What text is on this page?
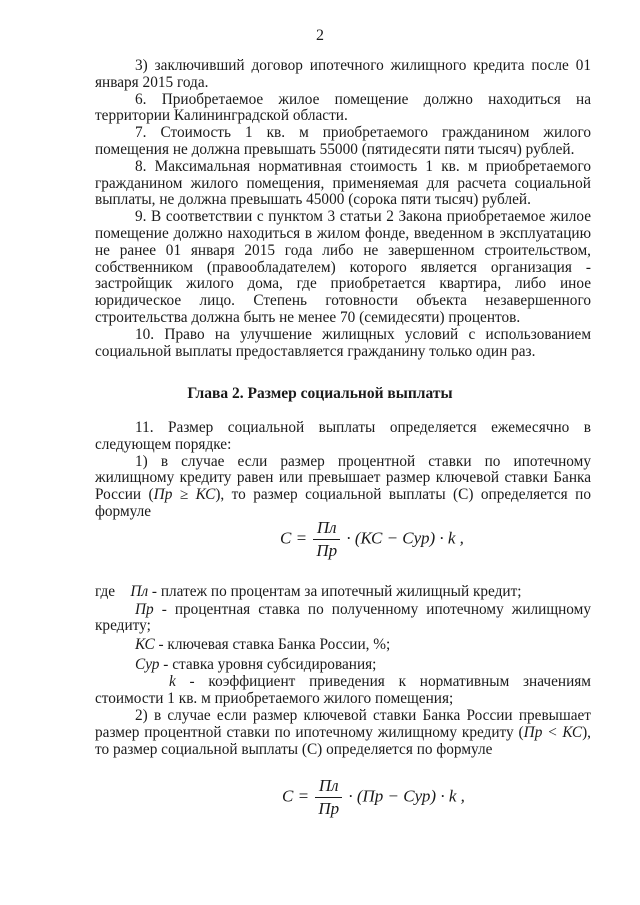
2

3) заключивший договор ипотечного жилищного кредита после 01 января 2015 года.

6. Приобретаемое жилое помещение должно находиться на территории Калининградской области.

7. Стоимость 1 кв. м приобретаемого гражданином жилого помещения не должна превышать 55000 (пятидесяти пяти тысяч) рублей.

8. Максимальная нормативная стоимость 1 кв. м приобретаемого гражданином жилого помещения, применяемая для расчета социальной выплаты, не должна превышать 45000 (сорока пяти тысяч) рублей.

9. В соответствии с пунктом 3 статьи 2 Закона приобретаемое жилое помещение должно находиться в жилом фонде, введенном в эксплуатацию не ранее 01 января 2015 года либо не завершенном строительством, собственником (правообладателем) которого является организация - застройщик жилого дома, где приобретается квартира, либо иное юридическое лицо. Степень готовности объекта незавершенного строительства должна быть не менее 70 (семидесяти) процентов.

10. Право на улучшение жилищных условий с использованием социальной выплаты предоставляется гражданину только один раз.

Глава 2. Размер социальной выплаты

11. Размер социальной выплаты определяется ежемесячно в следующем порядке:

1) в случае если размер процентной ставки по ипотечному жилищному кредиту равен или превышает размер ключевой ставки Банка России (Пр ≥ КС), то размер социальной выплаты (С) определяется по формуле

$C = \frac{Пл}{Пр} \cdot (КС - Cур) \cdot k$ ,

где Пл - платеж по процентам за ипотечный жилищный кредит;

Пр - процентная ставка по полученному ипотечному жилищному кредиту;

КС - ключевая ставка Банка России, %;

Cур - ставка уровня субсидирования;

k - коэффициент приведения к нормативным значениям стоимости 1 кв. м приобретаемого жилого помещения;

2) в случае если размер ключевой ставки Банка России превышает размер процентной ставки по ипотечному жилищному кредиту (Пр < КС), то размер социальной выплаты (С) определяется по формуле

$C = \frac{Пл}{Пр} \cdot (Пр - Cур) \cdot k$ ,
